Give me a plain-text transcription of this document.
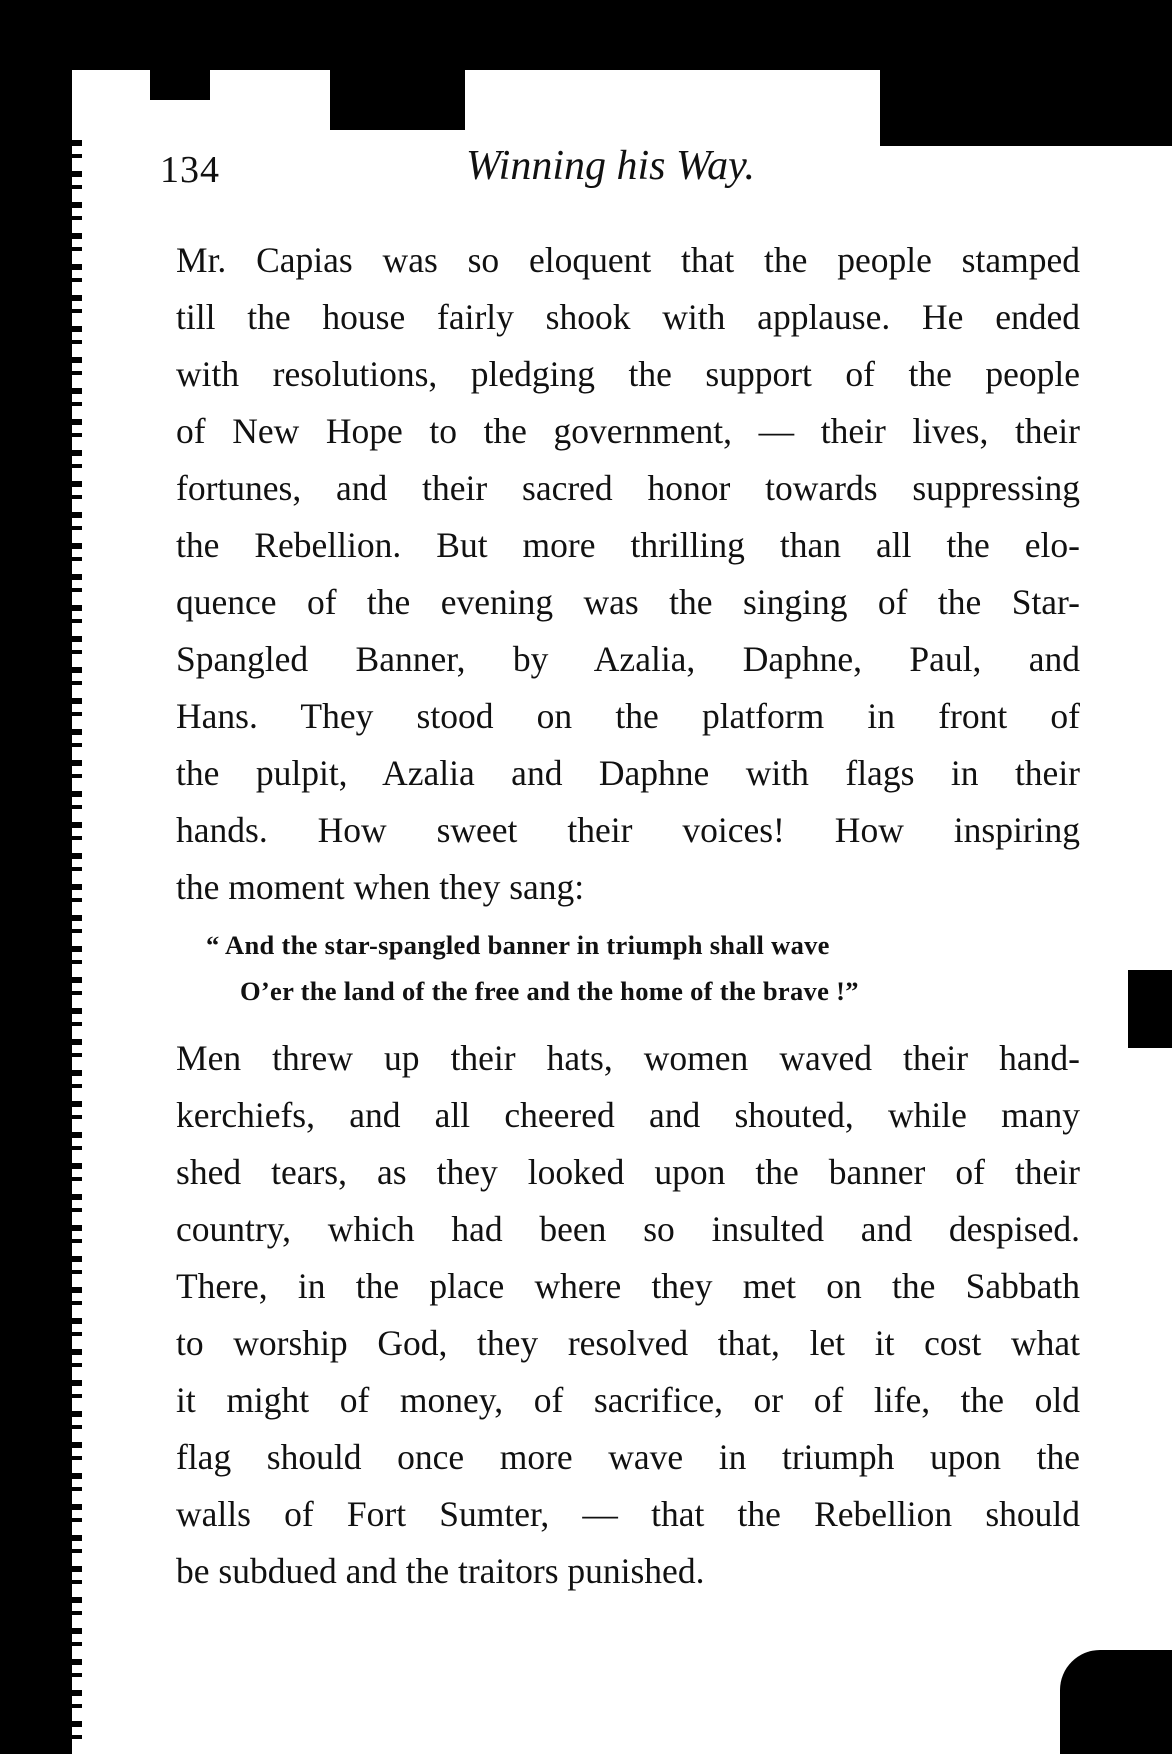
134	Winning his Way.
Mr. Capias was so eloquent that the people stamped
till the house fairly shook with applause. He ended
with resolutions, pledging the support of the people
of New Hope to the government, — their lives, their
fortunes, and their sacred honor towards suppressing
the Rebellion. But more thrilling than all the elo-
quence of the evening was the singing of the Star-
Spangled Banner, by Azalia, Daphne, Paul, and
Hans. They stood on the platform in front of
the pulpit, Azalia and Daphne with flags in their
hands. How sweet their voices! How inspiring
the moment when they sang:
“ And the star-spangled banner in triumph shall wave
O’er the land of the free and the home of the brave !”
Men threw up their hats, women waved their hand-
kerchiefs, and all cheered and shouted, while many
shed tears, as they looked upon the banner of their
country, which had been so insulted and despised.
There, in the place where they met on the Sabbath
to worship God, they resolved that, let it cost what
it might of money, of sacrifice, or of life, the old
flag should once more wave in triumph upon the
walls of Fort Sumter, — that the Rebellion should
be subdued and the traitors punished.
